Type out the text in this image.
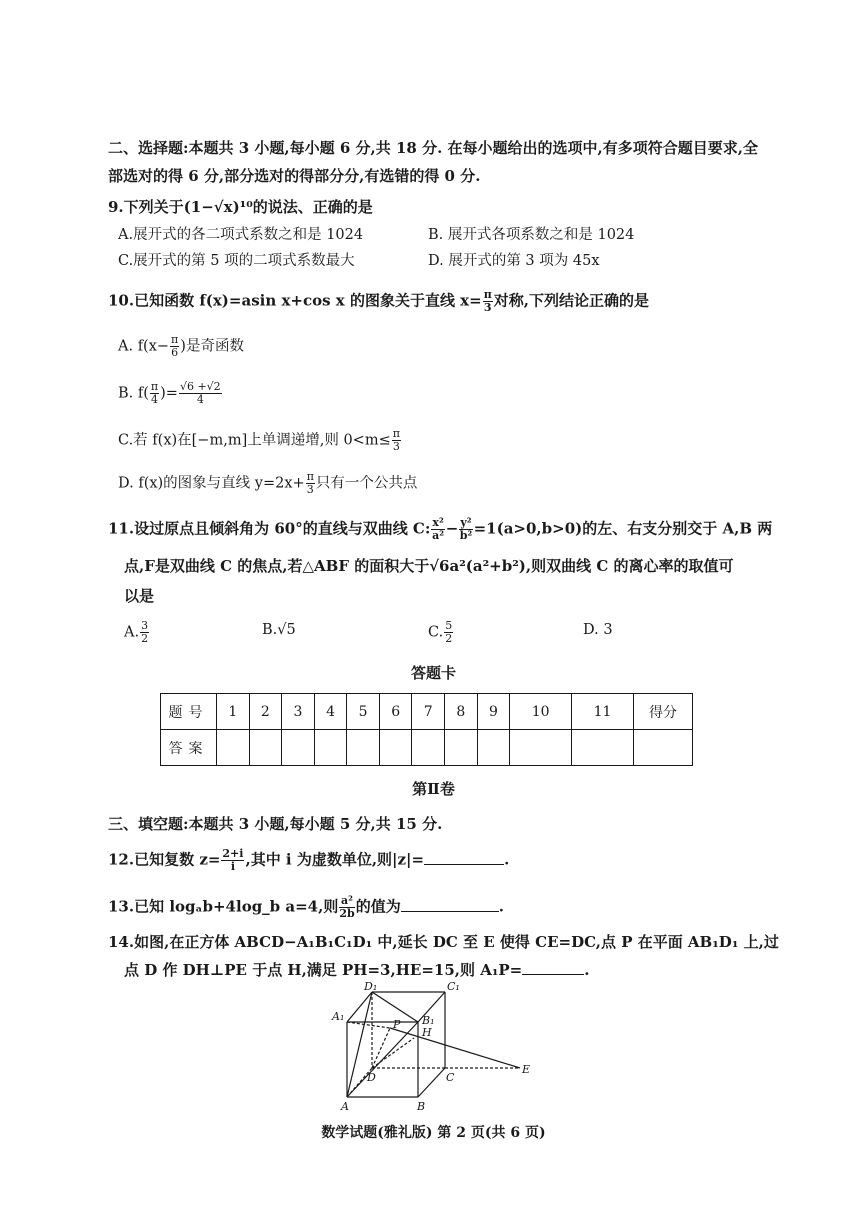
二、选择题:本题共 3 小题,每小题 6 分,共 18 分. 在每小题给出的选项中,有多项符合题目要求,全
部选对的得 6 分,部分选对的得部分分,有选错的得 0 分.
9.下列关于(1−√x)¹⁰的说法、正确的是
A.展开式的各二项式系数之和是 1024	B. 展开式各项系数之和是 1024
C.展开式的第 5 项的二项式系数最大	D. 展开式的第 3 项为 45x
10.已知函数 f(x)=asin x+cos x 的图象关于直线 $x= \frac{\pi}{3}$ 对称,下列结论正确的是
A. $f(x- \frac{\pi}{6}$ )是奇函数
B. $f( \frac{\pi}{4}$ )= $\frac{√6 +√2}{4}$
C.若 f(x)在[−m,m]上单调递增,则 $0<m\le \frac{\pi}{3}$
D. f(x)的图象与直线 $y=2x+ \frac{\pi}{3}$ 只有一个公共点
11.设过原点且倾斜角为 60°的直线与双曲线 C: $\frac{\text{x²}}{\text{a²}} - \frac{\text{y²}}{\text{b²}} =1(a>0,b>0)$的左、右支分别交于 A,B 两
点,F是双曲线 C 的焦点,若△ABF 的面积大于√6a²(a²+b²),则双曲线 C 的离心率的取值可
以是
A. $\frac{3}{2}$	B.√5	C. $\frac{5}{2}$	D. 3
答题卡
题号	1	2	3	4	5	6	7	8	9	10	11	得分
答案												
第Ⅱ卷
三、填空题:本题共 3 小题,每小题 5 分,共 15 分.
12.已知复数 $z= \frac{2+i}{i}$ ,其中 i 为虚数单位,则|z|=	.
13.已知 logₐb+4log_b a=4,则 $\frac{\text{a²}}{2b}$ 的值为	.
14.如图,在正方体 ABCD−A₁B₁C₁D₁ 中,延长 DC 至 E 使得 CE=DC,点 P 在平面 AB₁D₁ 上,过
点 D 作 DH⊥PE 于点 H,满足 PH=3,HE=15,则 A₁P=	.
D₁	C₁
A₁	B₁
P
H
D	C
E
A	B
数学试题(雅礼版) 第 2 页(共 6 页)
